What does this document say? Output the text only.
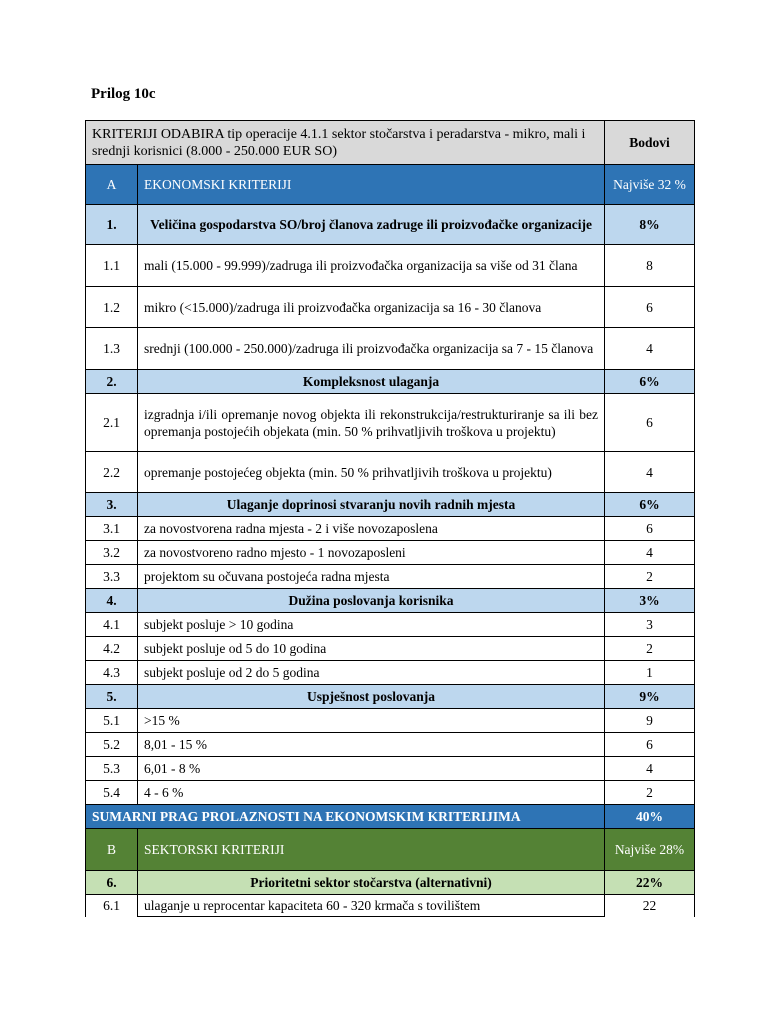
Prilog 10c
KRITERIJI ODABIRA tip operacije 4.1.1 sektor stočarstva i peradarstva - mikro, mali i srednji korisnici (8.000 - 250.000 EUR SO)		Bodovi
A	EKONOMSKI KRITERIJI	Najviše 32 %
1.	Veličina gospodarstva SO/broj članova zadruge ili proizvođačke organizacije	8%
1.1	mali (15.000 - 99.999)/zadruga ili proizvođačka organizacija sa više od 31 člana	8
1.2	mikro (<15.000)/zadruga ili proizvođačka organizacija sa 16 - 30 članova	6
1.3	srednji (100.000 - 250.000)/zadruga ili proizvođačka organizacija sa 7 - 15 članova	4
2.	Kompleksnost ulaganja	6%
2.1	izgradnja i/ili opremanje novog objekta ili rekonstrukcija/restrukturiranje sa ili bez opremanja postojećih objekata (min. 50 % prihvatljivih troškova u projektu)	6
2.2	opremanje postojećeg objekta (min. 50 % prihvatljivih troškova u projektu)	4
3.	Ulaganje doprinosi stvaranju novih radnih mjesta	6%
3.1	za novostvorena radna mjesta - 2 i više novozaposlena	6
3.2	za novostvoreno radno mjesto - 1 novozaposleni	4
3.3	projektom su očuvana postojeća radna mjesta	2
4.	Dužina poslovanja korisnika	3%
4.1	subjekt posluje > 10 godina	3
4.2	subjekt posluje od 5 do 10 godina	2
4.3	subjekt posluje od 2 do 5 godina	1
5.	Uspješnost poslovanja	9%
5.1	>15 %	9
5.2	8,01 - 15 %	6
5.3	6,01 - 8 %	4
5.4	4 - 6 %	2
SUMARNI PRAG PROLAZNOSTI NA EKONOMSKIM KRITERIJIMA		40%
B	SEKTORSKI KRITERIJI	Najviše 28%
6.	Prioritetni sektor stočarstva (alternativni)	22%
6.1	ulaganje u reprocentar kapaciteta 60 - 320 krmača s tovilištem	22
